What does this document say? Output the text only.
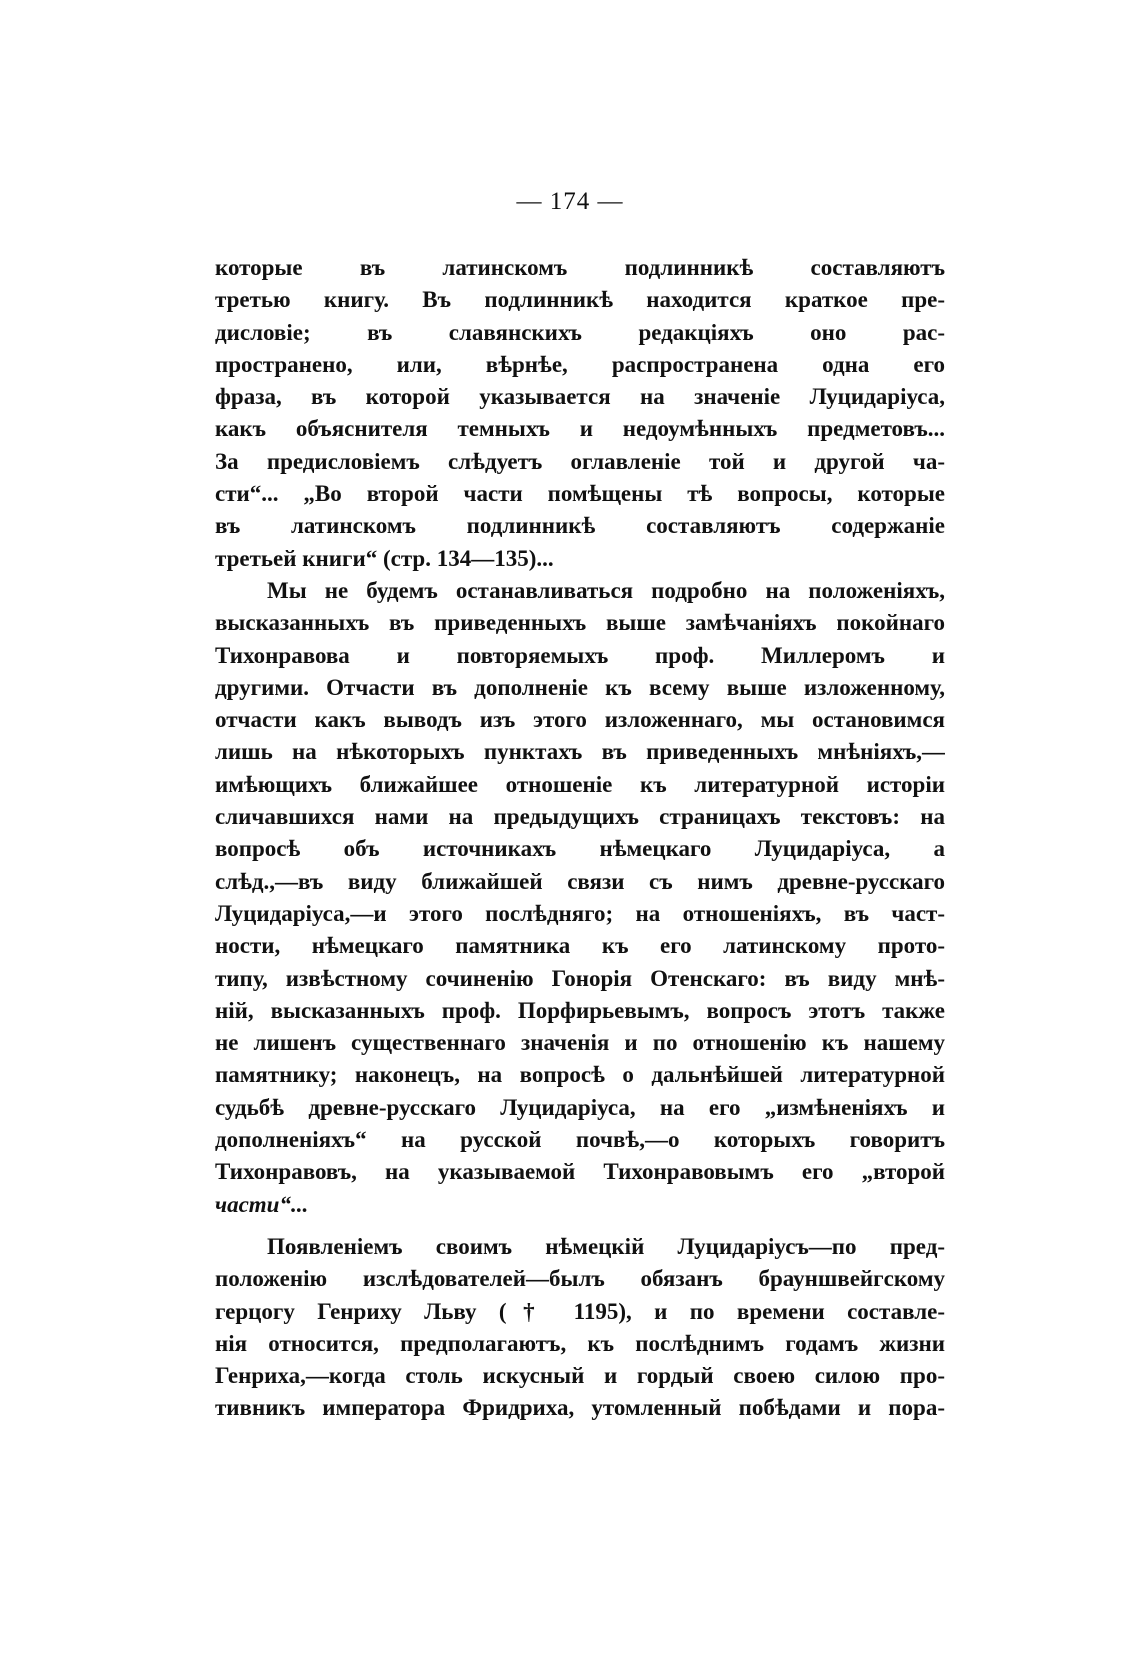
— 174 —
которые въ латинскомъ подлинникѣ составляютъ
третью книгу. Въ подлинникѣ находится краткое пре-
дисловіе; въ славянскихъ редакціяхъ оно рас-
пространено, или, вѣрнѣе, распространена одна его
фраза, въ которой указывается на значеніе Луцидаріуса,
какъ объяснителя темныхъ и недоумѣнныхъ предметовъ...
За предисловіемъ слѣдуетъ оглавленіе той и другой ча-
сти“... „Во второй части помѣщены тѣ вопросы, которые
въ латинскомъ подлинникѣ составляютъ содержаніе
третьей книги“ (стр. 134—135)...
Мы не будемъ останавливаться подробно на положеніяхъ,
высказанныхъ въ приведенныхъ выше замѣчаніяхъ покойнаго
Тихонравова и повторяемыхъ проф. Миллеромъ и
другими. Отчасти въ дополненіе къ всему выше изложенному,
отчасти какъ выводъ изъ этого изложеннаго, мы остановимся
лишь на нѣкоторыхъ пунктахъ въ приведенныхъ мнѣніяхъ,—
имѣющихъ ближайшее отношеніе къ литературной исторіи
сличавшихся нами на предыдущихъ страницахъ текстовъ: на
вопросѣ объ источникахъ нѣмецкаго Луцидаріуса, а
слѣд.,—въ виду ближайшей связи съ нимъ древне-русскаго
Луцидаріуса,—и этого послѣдняго; на отношеніяхъ, въ част-
ности, нѣмецкаго памятника къ его латинскому прото-
типу, извѣстному сочиненію Гонорія Отенскаго: въ виду мнѣ-
ній, высказанныхъ проф. Порфирьевымъ, вопросъ этотъ также
не лишенъ существеннаго значенія и по отношенію къ нашему
памятнику; наконецъ, на вопросѣ о дальнѣйшей литературной
судьбѣ древне-русскаго Луцидаріуса, на его „измѣненіяхъ и
дополненіяхъ“ на русской почвѣ,—о которыхъ говоритъ
Тихонравовъ, на указываемой Тихонравовымъ его „второй
части“...
Появленіемъ своимъ нѣмецкій Луцидаріусъ—по пред-
положенію изслѣдователей—былъ обязанъ брауншвейгскому
герцогу Генриху Льву († 1195), и по времени составле-
нія относится, предполагаютъ, къ послѣднимъ годамъ жизни
Генриха,—когда столь искусный и гордый своею силою про-
тивникъ императора Фридриха, утомленный побѣдами и пора-
